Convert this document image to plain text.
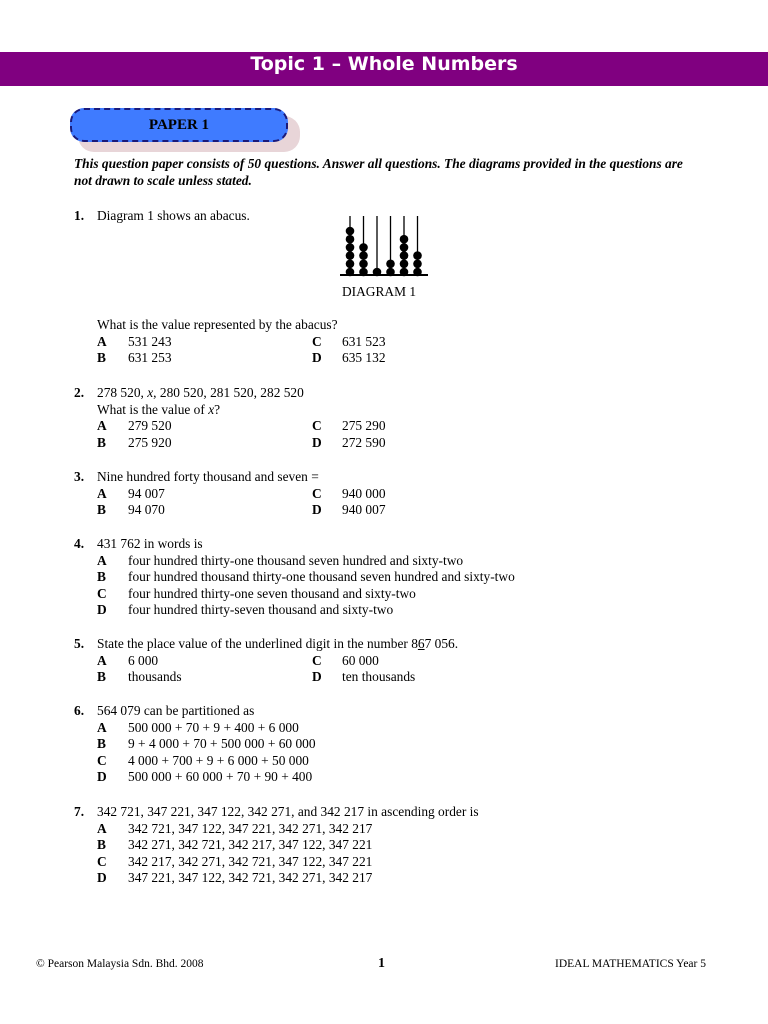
Topic 1 – Whole Numbers
PAPER 1
This question paper consists of 50 questions. Answer all questions. The diagrams provided in the questions are not drawn to scale unless stated.
1. Diagram 1 shows an abacus.
DIAGRAM 1
What is the value represented by the abacus?
A 531 243	C 631 523
B 631 253	D 635 132
2. 278 520, x, 280 520, 281 520, 282 520
What is the value of x?
A 279 520	C 275 290
B 275 920	D 272 590
3. Nine hundred forty thousand and seven =
A 94 007	C 940 000
B 94 070	D 940 007
4. 431 762 in words is
A four hundred thirty-one thousand seven hundred and sixty-two
B four hundred thousand thirty-one thousand seven hundred and sixty-two
C four hundred thirty-one seven thousand and sixty-two
D four hundred thirty-seven thousand and sixty-two
5. State the place value of the underlined digit in the number 867 056.
A 6 000	C 60 000
B thousands	D ten thousands
6. 564 079 can be partitioned as
A 500 000 + 70 + 9 + 400 + 6 000
B 9 + 4 000 + 70 + 500 000 + 60 000
C 4 000 + 700 + 9 + 6 000 + 50 000
D 500 000 + 60 000 + 70 + 90 + 400
7. 342 721, 347 221, 347 122, 342 271, and 342 217 in ascending order is
A 342 721, 347 122, 347 221, 342 271, 342 217
B 342 271, 342 721, 342 217, 347 122, 347 221
C 342 217, 342 271, 342 721, 347 122, 347 221
D 347 221, 347 122, 342 721, 342 271, 342 217
© Pearson Malaysia Sdn. Bhd. 2008	1	IDEAL MATHEMATICS Year 5
